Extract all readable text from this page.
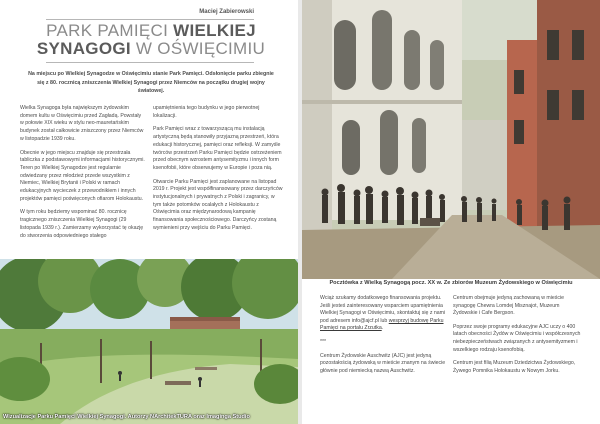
Maciej Zabierowski
PARK PAMIĘCI WIELKIEJ
SYNAGOGI W OŚWIĘCIMIU
Na miejscu po Wielkiej Synagodze w Oświęcimiu stanie Park Pamięci. Odsłonięcie parku zbiegnie się z 80. rocznicą zniszczenia Wielkiej Synagogi przez Niemców na początku drugiej wojny światowej.

Wielka Synagoga była największym żydowskim domem kultu w Oświęcimiu przed Zagładą. Powstały w połowie XIX wieku w stylu neo-mauretańskim budynek został całkowicie zniszczony przez Niemców w listopadzie 1939 roku.

Obecnie w jego miejscu znajduje się przestrzała tabliczka z podstawowymi informacjami historycznymi. Teren po Wielkiej Synagodze jest regularnie odwiedzany przez młodzież przede wszystkim z Niemiec, Wielkiej Brytanii i Polski w ramach edukacyjnych wycieczek z przewodnikiem i innych projektów pamięci poświęconych ofiarom Holokaustu.

W tym roku będziemy wspominać 80. rocznicę tragicznego zniszczenia Wielkiej Synagogi (29 listopada 1939 r.). Zamierzamy wykorzystać tę okazję do stworzenia odpowiedniego stałego

upamiętnienia tego budynku w jego pierwotnej lokalizacji.

Park Pamięci wraz z towarzyszącą mu instalacją artystyczną będą stanowiły przyjazną przestrzeń, która edukacji historycznej, pamięci oraz refleksji. W zamyśle twórców przestrzeń Parku Pamięci będzie ostrzeżeniem przed obecnym wzrostem antysemityzmu i innych form ksenofobii, które obserwujemy w Europie i poza nią.

Otwarcie Parku Pamięci jest zaplanowane na listopad 2019 r. Projekt jest współfinansowany przez darczyńców instytucjonalnych i prywatnych z Polski i zagranicy, w tym także potomków ocalałych z Holokaustu z Oświęcimia oraz międzynarodową kampanię finansowania społecznościowego. Darczyńcy zostaną wymienieni przy wejściu do Parku Pamięci.

Wizualizacje Parku Pamięci Wielkiej Synagogi. Autorzy NArchitekTURA oraz Imaginga Studio
Pocztówka z Wielką Synagogą pocz. XX w. Ze zbiorów Muzeum Żydowskiego w Oświęcimiu

Wciąż szukamy dodatkowego finansowania projektu. Jeśli jesteś zainteresowany wsparciem upamiętnienia Wielkiej Synagogi w Oświęcimiu, skontaktuj się z nami pod adresem info@ajcf.pl lub wesprzyj budowę Parku Pamięci na portalu Zrzutka.

***

Centrum Żydowskie Auschwitz (AJC) jest jedyną pozostałością żydowską w mieście znanym na świecie głównie pod niemiecką nazwą Auschwitz.

Centrum obejmuje jedyną zachowaną w mieście synagogę Chewra Lomdej Misznajot, Muzeum Żydowskie i Cafe Bergson.

Poprzez swoje programy edukacyjne AJC uczy o 400 latach obecności Żydów w Oświęcimiu i współczesnych niebezpieczeństwach związanych z antysemityzmem i wszelkiego rodzaju ksenofobią.

Centrum jest filią Muzeum Dziedzictwa Żydowskiego, Żywego Pomnika Holokaustu w Nowym Jorku.
